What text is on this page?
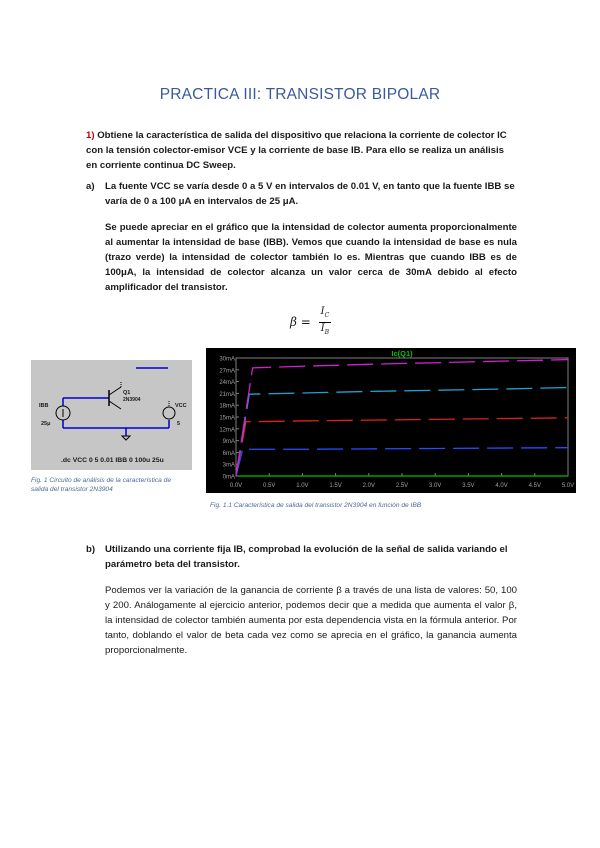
PRACTICA III: TRANSISTOR BIPOLAR
1) Obtiene la característica de salida del dispositivo que relaciona la corriente de colector IC con la tensión colector-emisor VCE y la corriente de base IB. Para ello se realiza un análisis en corriente continua DC Sweep.
a)	La fuente VCC se varía desde 0 a 5 V en intervalos de 0.01 V, en tanto que la fuente IBB se varía de 0 a 100 μA en intervalos de 25 μA.
Se puede apreciar en el gráfico que la intensidad de colector aumenta proporcionalmente al aumentar la intensidad de base (IBB). Vemos que cuando la intensidad de base es nula (trazo verde) la intensidad de colector también lo es. Mientras que cuando IBB es de 100μA, la intensidad de colector alcanza un valor cerca de 30mA debido al efecto amplificador del transistor.
$\beta = \frac{I_C}{I_B}$
IBB
25μ
Q1
2N3904
VCC
5
.dc VCC 0 5 0.01 IBB 0 100u 25u
Fig. 1 Circuito de análisis de la característica de salida del transistor 2N3904
Ic(Q1)
0mA
3mA
6mA
9mA
12mA
15mA
18mA
21mA
24mA
27mA
30mA
0.0V	0.5V	1.0V	1.5V	2.0V	2.5V	3.0V	3.5V	4.0V	4.5V	5.0V
Fig. 1.1 Característica de salida del transistor 2N3904 en función de IBB
b)	Utilizando una corriente fija IB, comprobad la evolución de la señal de salida variando el parámetro beta del transistor.
Podemos ver la variación de la ganancia de corriente β a través de una lista de valores: 50, 100 y 200. Análogamente al ejercicio anterior, podemos decir que a medida que aumenta el valor β, la intensidad de colector también aumenta por esta dependencia vista en la fórmula anterior. Por tanto, doblando el valor de beta cada vez como se aprecia en el gráfico, la ganancia aumenta proporcionalmente.
